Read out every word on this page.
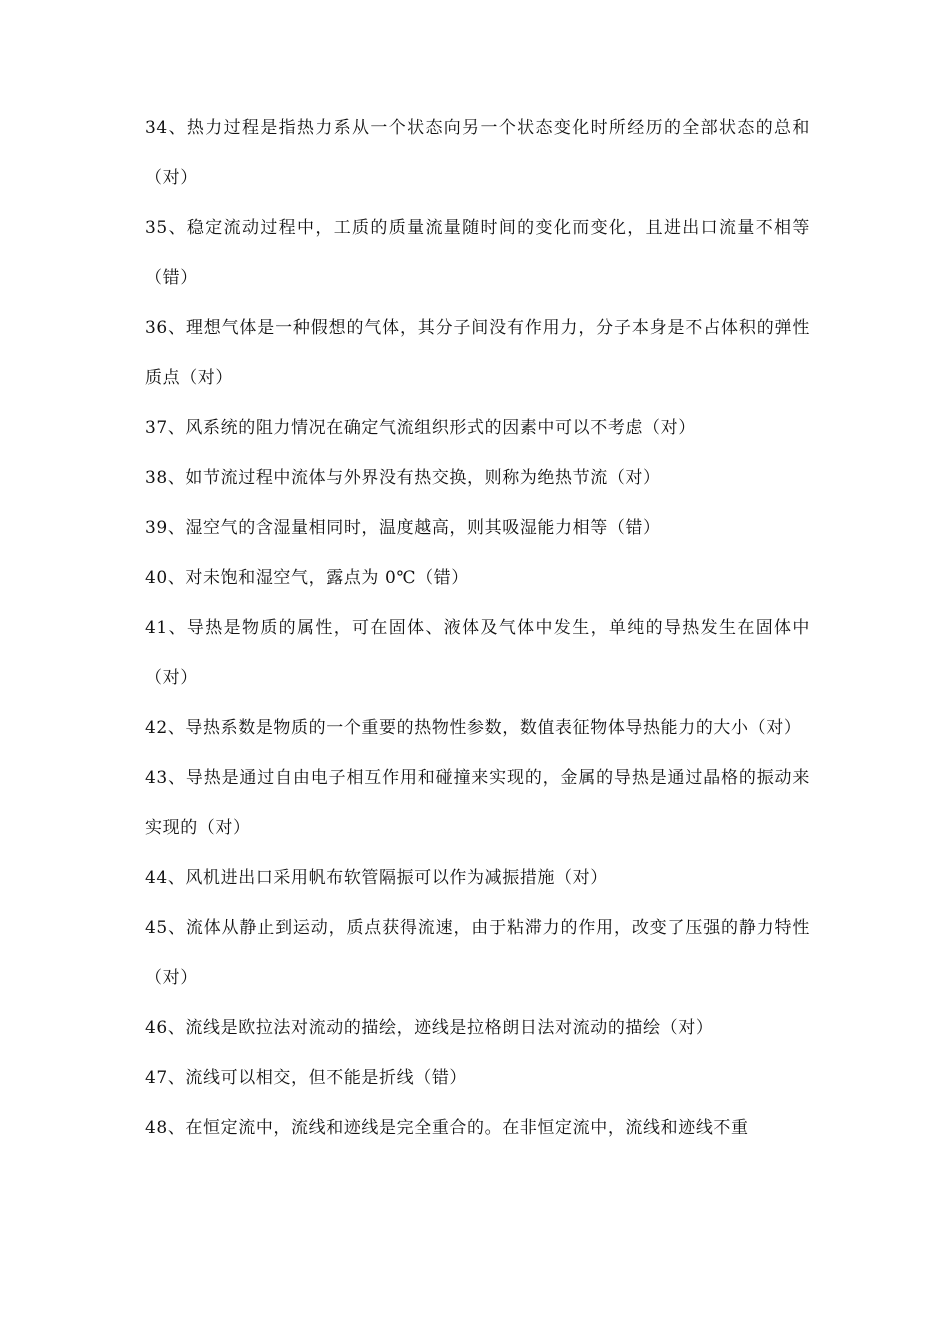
34、热力过程是指热力系从一个状态向另一个状态变化时所经历的全部状态的总和（对）

35、稳定流动过程中，工质的质量流量随时间的变化而变化，且进出口流量不相等（错）

36、理想气体是一种假想的气体，其分子间没有作用力，分子本身是不占体积的弹性质点（对）

37、风系统的阻力情况在确定气流组织形式的因素中可以不考虑（对）

38、如节流过程中流体与外界没有热交换，则称为绝热节流（对）

39、湿空气的含湿量相同时，温度越高，则其吸湿能力相等（错）

40、对未饱和湿空气，露点为 0℃（错）

41、导热是物质的属性，可在固体、液体及气体中发生，单纯的导热发生在固体中（对）

42、导热系数是物质的一个重要的热物性参数，数值表征物体导热能力的大小（对）

43、导热是通过自由电子相互作用和碰撞来实现的，金属的导热是通过晶格的振动来实现的（对）

44、风机进出口采用帆布软管隔振可以作为减振措施（对）

45、流体从静止到运动，质点获得流速，由于粘滞力的作用，改变了压强的静力特性（对）

46、流线是欧拉法对流动的描绘，迹线是拉格朗日法对流动的描绘（对）

47、流线可以相交，但不能是折线（错）

48、在恒定流中，流线和迹线是完全重合的。在非恒定流中，流线和迹线不重
